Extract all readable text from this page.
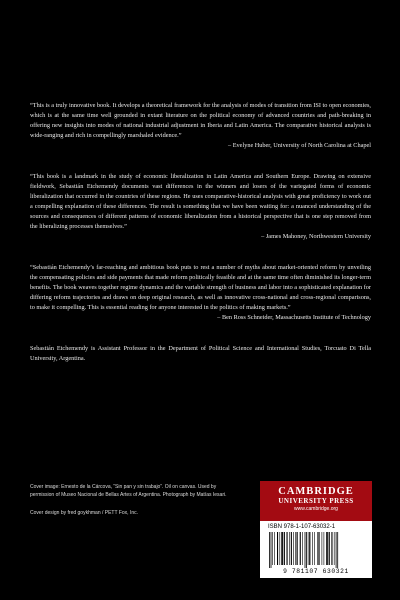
“This is a truly innovative book. It develops a theoretical framework for the analysis of modes of transition from ISI to open economies, which is at the same time well grounded in extant literature on the political economy of advanced countries and path-breaking in offering new insights into modes of national industrial adjustment in Iberia and Latin America. The comparative historical analysis is wide-ranging and rich in compellingly marshaled evidence.”

– Evelyne Huber, University of North Carolina at Chapel

“This book is a landmark in the study of economic liberalization in Latin America and Southern Europe. Drawing on extensive fieldwork, Sebastián Etchemendy documents vast differences in the winners and losers of the variegated forms of economic liberalization that occurred in the countries of these regions. He uses comparative-historical analysis with great proficiency to work out a compelling explanation of these differences. The result is something that we have been waiting for: a nuanced understanding of the sources and consequences of different patterns of economic liberalization from a historical perspective that is one step removed from the liberalizing processes themselves.”

– James Mahoney, Northwestern University

“Sebastián Etchemendy’s far-reaching and ambitious book puts to rest a number of myths about market-oriented reform by unveiling the compensating policies and side payments that made reform politically feasible and at the same time often diminished its longer-term benefits. The book weaves together regime dynamics and the variable strength of business and labor into a sophisticated explanation for differing reform trajectories and draws on deep original research, as well as innovative cross-national and cross-regional comparisons, to make it compelling. This is essential reading for anyone interested in the politics of making markets.”

– Ben Ross Schneider, Massachusetts Institute of Technology

Sebastián Etchemendy is Assistant Professor in the Department of Political Science and International Studies, Torcuato Di Tella University, Argentina.

Cover image: Ernesto de la Cárcova, “Sin pan y sin trabajo”. Oil on canvas. Used by permission of Museo Nacional de Bellas Artes of Argentina. Photograph by Matías Iesari.

Cover design by fred goykhman / PETT Fox, Inc.

CAMBRIDGE
UNIVERSITY PRESS
www.cambridge.org
ISBN 978-1-107-63032-1
9 781107 630321
